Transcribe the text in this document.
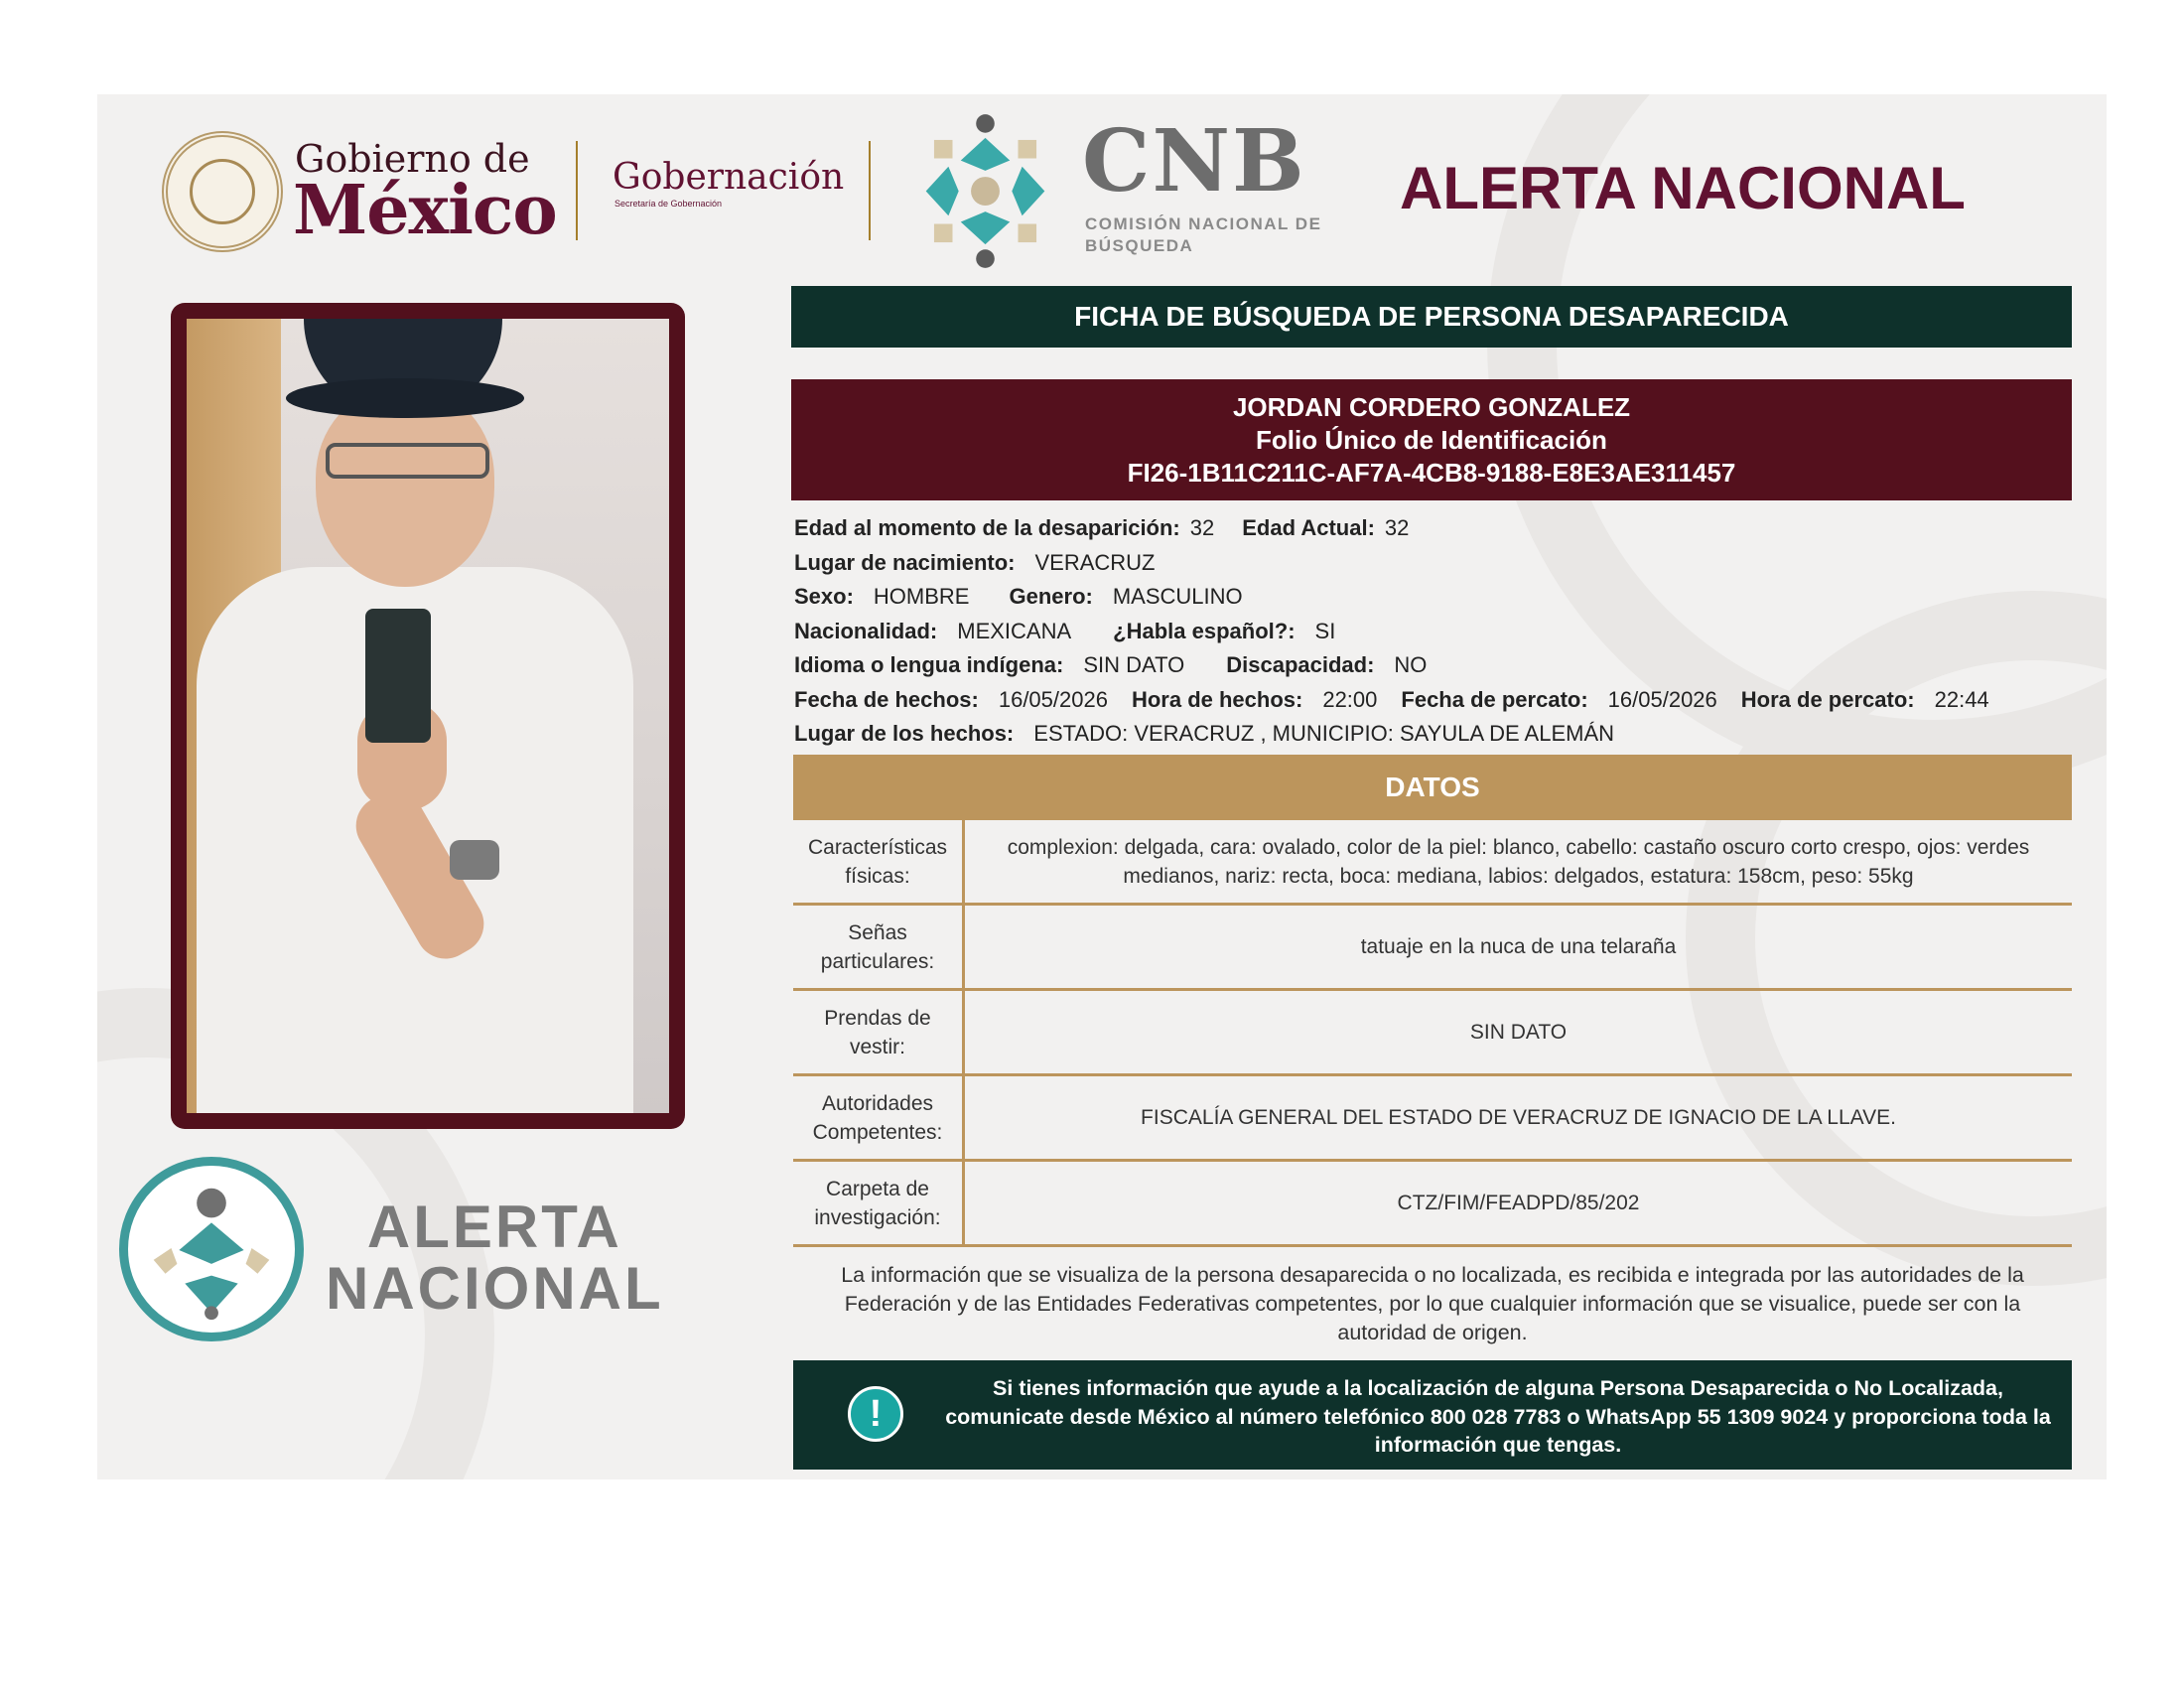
Gobierno de
México Gobernación
Secretaría de Gobernación	CNB
COMISIÓN NACIONAL DE BÚSQUEDA
ALERTA NACIONAL
ALERTA
NACIONAL
FICHA DE BÚSQUEDA DE PERSONA DESAPARECIDA
JORDAN CORDERO GONZALEZ
Folio Único de Identificación
FI26-1B11C211C-AF7A-4CB8-9188-E8E3AE311457
Edad al momento de la desaparición: 32 Edad Actual: 32
Lugar de nacimiento: VERACRUZ
Sexo: HOMBRE Genero: MASCULINO
Nacionalidad: MEXICANA ¿Habla español?: SI
Idioma o lengua indígena: SIN DATO Discapacidad: NO
Fecha de hechos: 16/05/2026 Hora de hechos: 22:00 Fecha de percato: 16/05/2026 Hora de percato: 22:44
Lugar de los hechos: ESTADO: VERACRUZ , MUNICIPIO: SAYULA DE ALEMÁN
DATOS
Características físicas:
complexion: delgada, cara: ovalado, color de la piel: blanco, cabello: castaño oscuro corto crespo, ojos: verdes medianos, nariz: recta, boca: mediana, labios: delgados, estatura: 158cm, peso: 55kg
Señas particulares:
tatuaje en la nuca de una telaraña
Prendas de vestir:
SIN DATO
Autoridades Competentes:
FISCALÍA GENERAL DEL ESTADO DE VERACRUZ DE IGNACIO DE LA LLAVE.
Carpeta de investigación:
CTZ/FIM/FEADPD/85/202
La información que se visualiza de la persona desaparecida o no localizada, es recibida e integrada por las autoridades de la Federación y de las Entidades Federativas competentes, por lo que cualquier información que se visualice, puede ser con la autoridad de origen.
!
Si tienes información que ayude a la localización de alguna Persona Desaparecida o No Localizada, comunicate desde México al número telefónico 800 028 7783 o WhatsApp 55 1309 9024 y proporciona toda la información que tengas.
